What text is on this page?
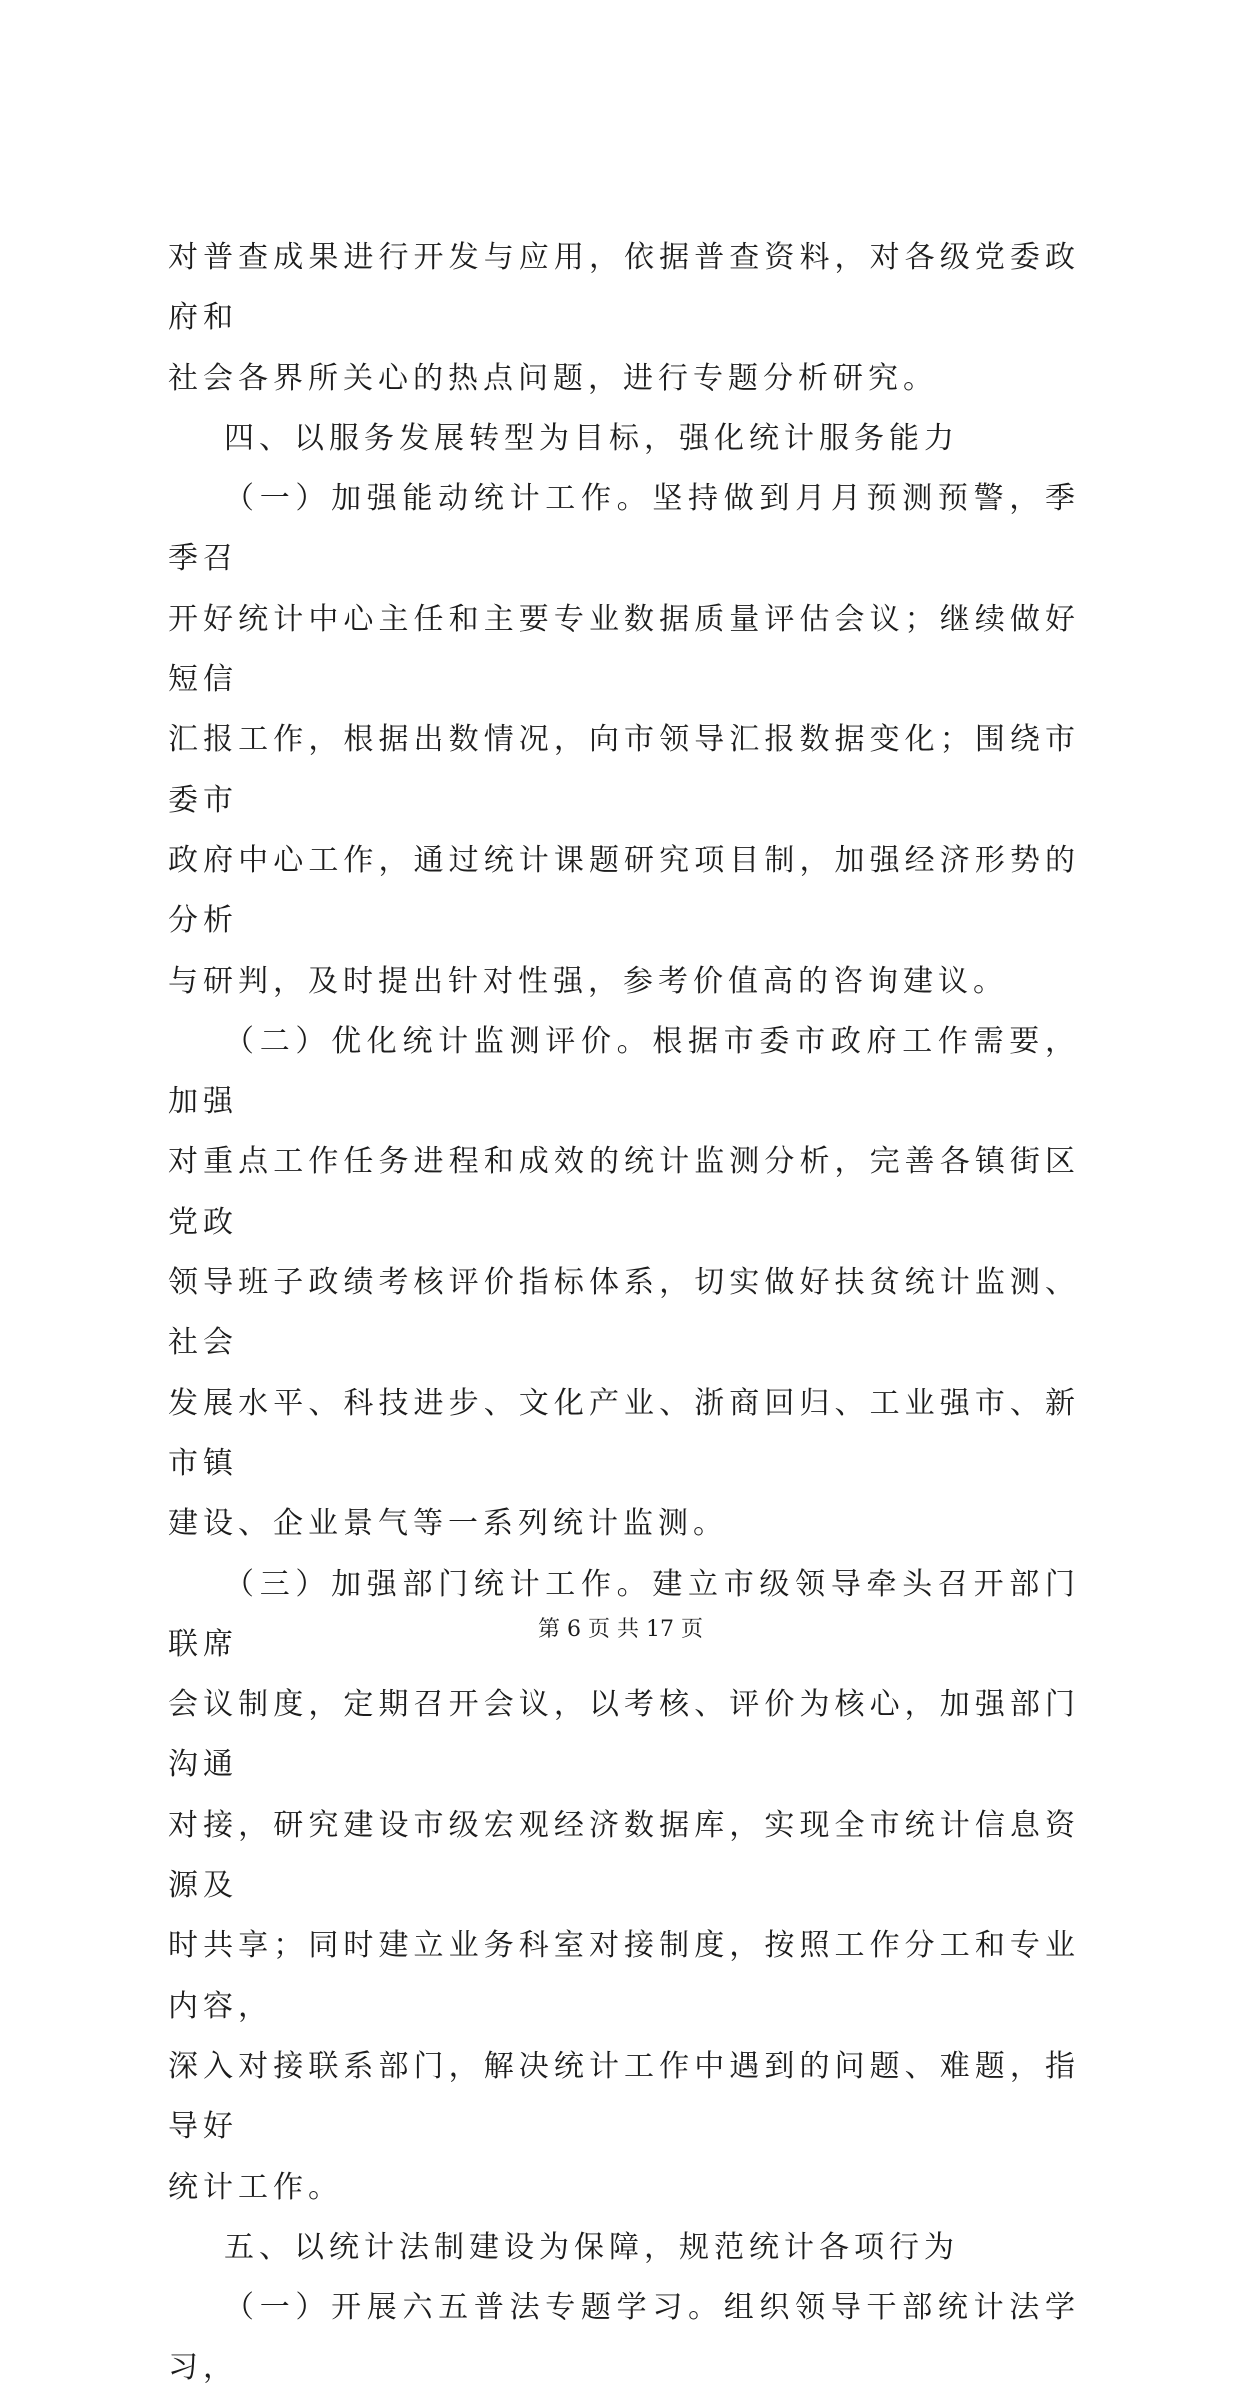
对普查成果进行开发与应用，依据普查资料，对各级党委政府和
社会各界所关心的热点问题，进行专题分析研究。

四、以服务发展转型为目标，强化统计服务能力

（一）加强能动统计工作。坚持做到月月预测预警，季季召
开好统计中心主任和主要专业数据质量评估会议；继续做好短信
汇报工作，根据出数情况，向市领导汇报数据变化；围绕市委市
政府中心工作，通过统计课题研究项目制，加强经济形势的分析
与研判，及时提出针对性强，参考价值高的咨询建议。

（二）优化统计监测评价。根据市委市政府工作需要，加强
对重点工作任务进程和成效的统计监测分析，完善各镇街区党政
领导班子政绩考核评价指标体系，切实做好扶贫统计监测、社会
发展水平、科技进步、文化产业、浙商回归、工业强市、新市镇
建设、企业景气等一系列统计监测。

（三）加强部门统计工作。建立市级领导牵头召开部门联席
会议制度，定期召开会议，以考核、评价为核心，加强部门沟通
对接，研究建设市级宏观经济数据库，实现全市统计信息资源及
时共享；同时建立业务科室对接制度，按照工作分工和专业内容，
深入对接联系部门，解决统计工作中遇到的问题、难题，指导好
统计工作。

五、以统计法制建设为保障，规范统计各项行为

（一）开展六五普法专题学习。组织领导干部统计法学习，

第 6 页 共 17 页
